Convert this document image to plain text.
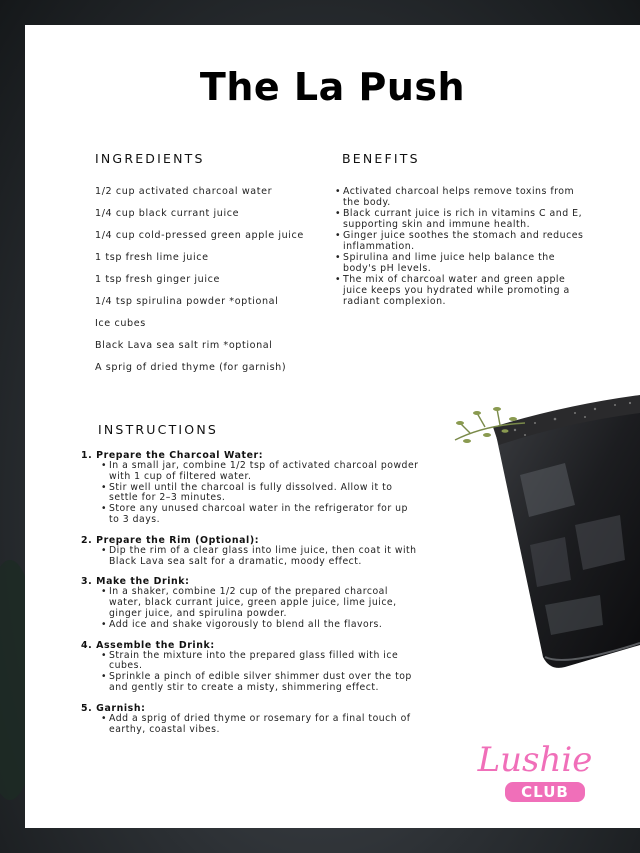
The La Push
INGREDIENTS
1/2 cup activated charcoal water
1/4 cup black currant juice
1/4 cup cold-pressed green apple juice
1 tsp fresh lime juice
1 tsp fresh ginger juice
1/4 tsp spirulina powder *optional
Ice cubes
Black Lava sea salt rim *optional
A sprig of dried thyme (for garnish)
BENEFITS
• Activated charcoal helps remove toxins from the body.
• Black currant juice is rich in vitamins C and E, supporting skin and immune health.
• Ginger juice soothes the stomach and reduces inflammation.
• Spirulina and lime juice help balance the body's pH levels.
• The mix of charcoal water and green apple juice keeps you hydrated while promoting a radiant complexion.
INSTRUCTIONS
1. Prepare the Charcoal Water:
• In a small jar, combine 1/2 tsp of activated charcoal powder with 1 cup of filtered water.
• Stir well until the charcoal is fully dissolved. Allow it to settle for 2–3 minutes.
• Store any unused charcoal water in the refrigerator for up to 3 days.
2. Prepare the Rim (Optional):
• Dip the rim of a clear glass into lime juice, then coat it with Black Lava sea salt for a dramatic, moody effect.
3. Make the Drink:
• In a shaker, combine 1/2 cup of the prepared charcoal water, black currant juice, green apple juice, lime juice, ginger juice, and spirulina powder.
• Add ice and shake vigorously to blend all the flavors.
4. Assemble the Drink:
• Strain the mixture into the prepared glass filled with ice cubes.
• Sprinkle a pinch of edible silver shimmer dust over the top and gently stir to create a misty, shimmering effect.
5. Garnish:
• Add a sprig of dried thyme or rosemary for a final touch of earthy, coastal vibes.
Lushie
CLUB
